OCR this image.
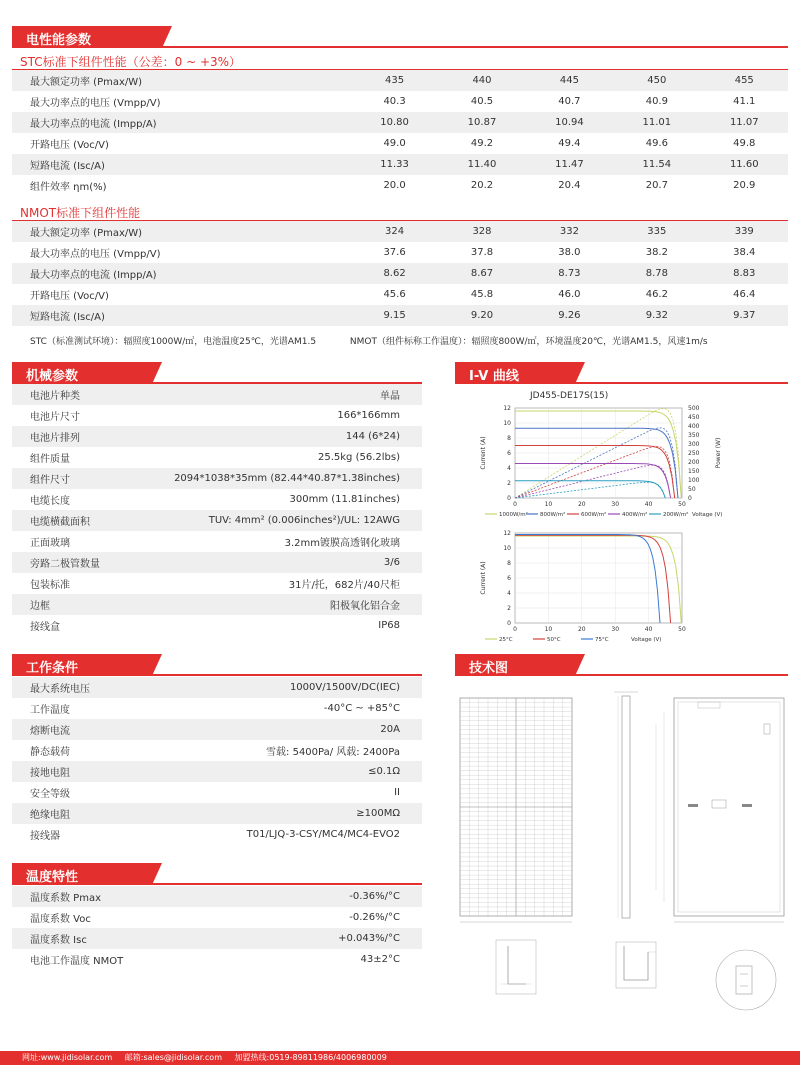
电性能参数
STC标准下组件性能（公差：0 ~ +3%）
最大额定功率 (Pmax/W)	435	440	445	450	455
最大功率点的电压 (Vmpp/V)	40.3	40.5	40.7	40.9	41.1
最大功率点的电流 (Impp/A)	10.80	10.87	10.94	11.01	11.07
开路电压 (Voc/V)	49.0	49.2	49.4	49.6	49.8
短路电流 (Isc/A)	11.33	11.40	11.47	11.54	11.60
组件效率 ηm(%)	20.0	20.2	20.4	20.7	20.9
NMOT标准下组件性能
最大额定功率 (Pmax/W)	324	328	332	335	339
最大功率点的电压 (Vmpp/V)	37.6	37.8	38.0	38.2	38.4
最大功率点的电流 (Impp/A)	8.62	8.67	8.73	8.78	8.83
开路电压 (Voc/V)	45.6	45.8	46.0	46.2	46.4
短路电流 (Isc/A)	9.15	9.20	9.26	9.32	9.37
STC（标准测试环境）：辐照度1000W/㎡，电池温度25℃，光谱AM1.5	NMOT（组件标称工作温度）：辐照度800W/㎡，环境温度20℃，光谱AM1.5，风速1m/s
机械参数
电池片种类	单晶
电池片尺寸	166*166mm
电池片排列	144 (6*24)
组件质量	25.5kg (56.2lbs)
组件尺寸	2094*1038*35mm (82.44*40.87*1.38inches)
电缆长度	300mm (11.81inches)
电缆横截面积	TUV: 4mm² (0.006inches²)/UL: 12AWG
正面玻璃	3.2mm镀膜高透钢化玻璃
旁路二极管数量	3/6
包装标准	31片/托，682片/40尺柜
边框	阳极氧化铝合金
接线盒	IP68
工作条件
最大系统电压	1000V/1500V/DC(IEC)
工作温度	-40°C ~ +85°C
熔断电流	20A
静态载荷	雪载: 5400Pa/ 风载: 2400Pa
接地电阻	≤0.1Ω
安全等级	II
绝缘电阻	≥100MΩ
接线器	T01/LJQ-3-CSY/MC4/MC4-EVO2
温度特性
温度系数 Pmax	-0.36%/°C
温度系数 Voc	-0.26%/°C
温度系数 Isc	+0.043%/°C
电池工作温度 NMOT	43±2°C
I-V 曲线
JD455-DE17S(15)
0	10	20	30	40	50
0
2
4
6
8
10
12
Current (A)
0
50
100
150
200
250
300
350
400
450
500
Power (W)
1000W/m² 800W/m²	600W/m²	400W/m²	200W/m² Voltage (V)
0	10	20	30	40	50
0
2
4
6
8
10
12
Current (A)
25°C	50°C	75°C	Voltage (V)
技术图
网址:www.jidisolar.com 邮箱:sales@jidisolar.com 加盟热线:0519-89811986/4006980009
